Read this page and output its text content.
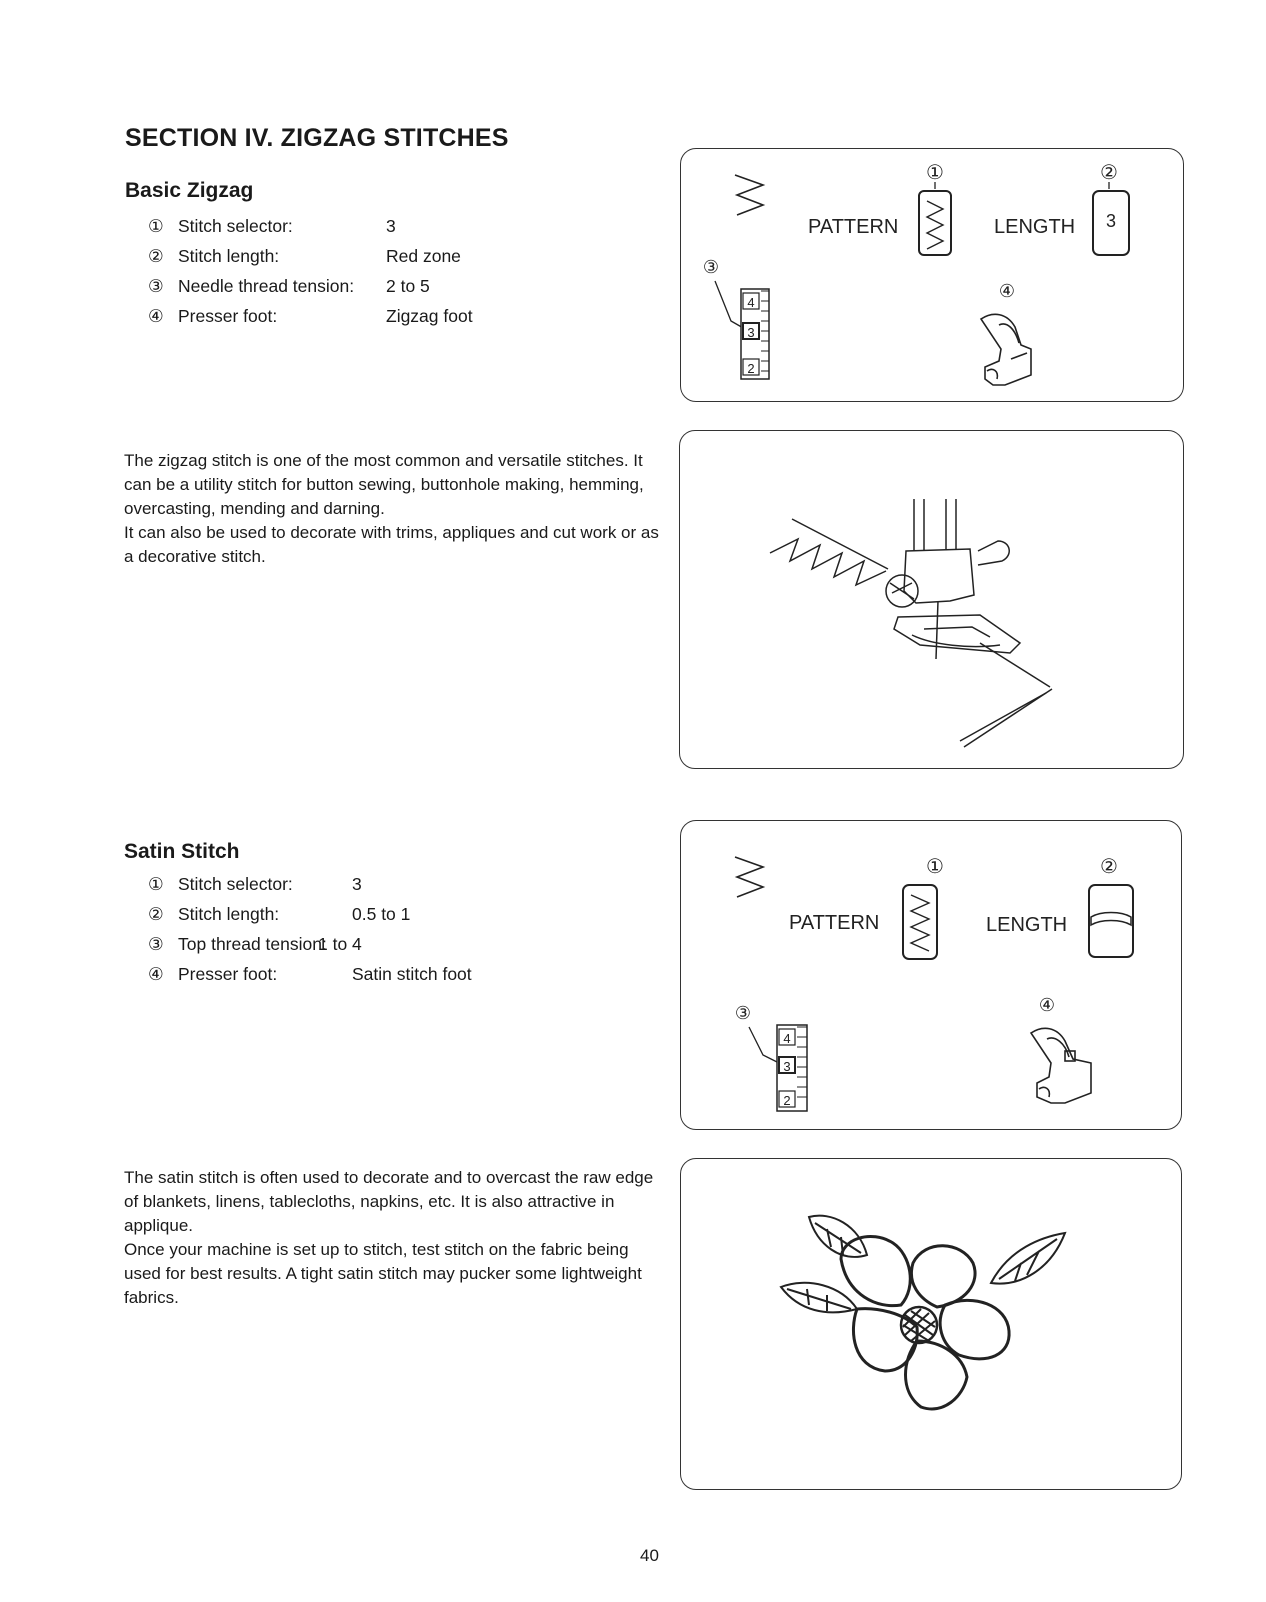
SECTION IV. ZIGZAG STITCHES
Basic Zigzag
① Stitch selector:	3
② Stitch length:	Red zone
③ Needle thread tension: 2 to 5
④ Presser foot:	Zigzag foot

The zigzag stitch is one of the most common and versatile stitches. It can be a utility stitch for button sewing, buttonhole making, hemming, overcasting, mending and darning.

It can also be used to decorate with trims, appliques and cut work or as a decorative stitch.

PATTERN
①
LENGTH
②
3
③
4
3
2
④
Satin Stitch
① Stitch selector:	3
② Stitch length:	0.5 to 1
③ Top thread tension:
1 to 4
④ Presser foot:	Satin stitch foot

The satin stitch is often used to decorate and to overcast the raw edge of blankets, linens, tablecloths, napkins, etc. It is also attractive in applique.

Once your machine is set up to stitch, test stitch on the fabric being used for best results. A tight satin stitch may pucker some lightweight fabrics.

PATTERN
①
LENGTH
②
③
4
3
2
④
40
